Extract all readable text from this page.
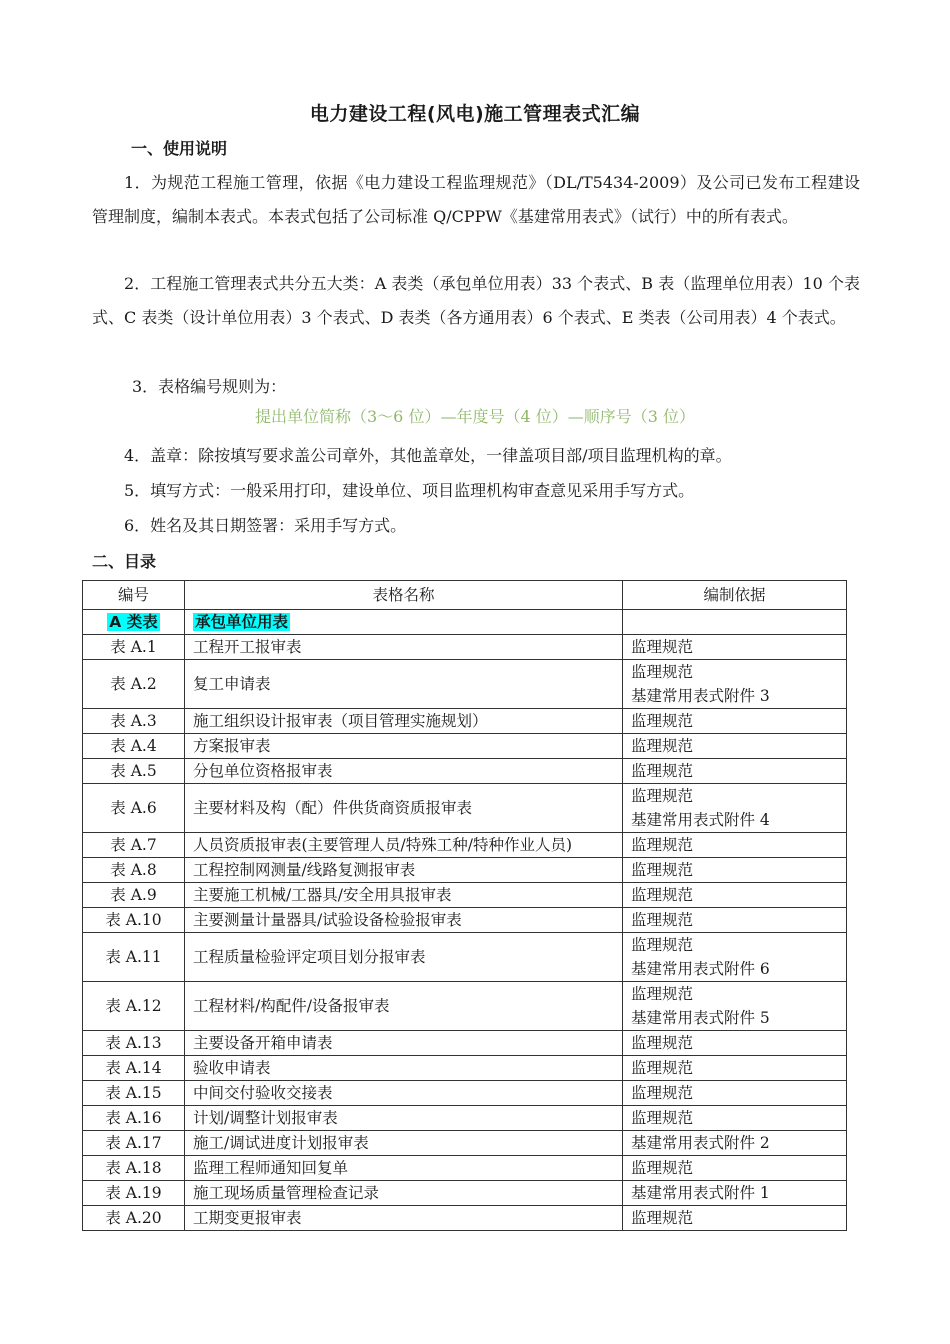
电力建设工程(风电)施工管理表式汇编
一、使用说明
1．为规范工程施工管理，依据《电力建设工程监理规范》（DL/T5434-2009）及公司已发布工程建设管理制度，编制本表式。本表式包括了公司标准 Q/CPPW《基建常用表式》（试行）中的所有表式。
2．工程施工管理表式共分五大类：A 表类（承包单位用表）33 个表式、B 表（监理单位用表）10 个表式、C 表类（设计单位用表）3 个表式、D 表类（各方通用表）6 个表式、E 类表（公司用表）4 个表式。
3．表格编号规则为：
提出单位简称（3～6 位）—年度号（4 位）—顺序号（3 位）
4．盖章：除按填写要求盖公司章外，其他盖章处，一律盖项目部/项目监理机构的章。
5．填写方式：一般采用打印，建设单位、项目监理机构审查意见采用手写方式。
6．姓名及其日期签署：采用手写方式。
二、目录
编号	表格名称	编制依据
A 类表	承包单位用表	
表 A.1	工程开工报审表	监理规范

表 A.2	复工申请表	监理规范
基建常用表式附件 3

表 A.3	施工组织设计报审表（项目管理实施规划）	监理规范

表 A.4	方案报审表	监理规范

表 A.5	分包单位资格报审表	监理规范

表 A.6	主要材料及构（配）件供货商资质报审表	监理规范
基建常用表式附件 4

表 A.7	人员资质报审表(主要管理人员/特殊工种/特种作业人员)	监理规范

表 A.8	工程控制网测量/线路复测报审表	监理规范

表 A.9	主要施工机械/工器具/安全用具报审表	监理规范

表 A.10	主要测量计量器具/试验设备检验报审表	监理规范

表 A.11	工程质量检验评定项目划分报审表	监理规范
基建常用表式附件 6

表 A.12	工程材料/构配件/设备报审表	监理规范
基建常用表式附件 5

表 A.13	主要设备开箱申请表	监理规范

表 A.14	验收申请表	监理规范

表 A.15	中间交付验收交接表	监理规范

表 A.16	计划/调整计划报审表	监理规范

表 A.17	施工/调试进度计划报审表	基建常用表式附件 2

表 A.18	监理工程师通知回复单	监理规范

表 A.19	施工现场质量管理检查记录	基建常用表式附件 1

表 A.20	工期变更报审表	监理规范
